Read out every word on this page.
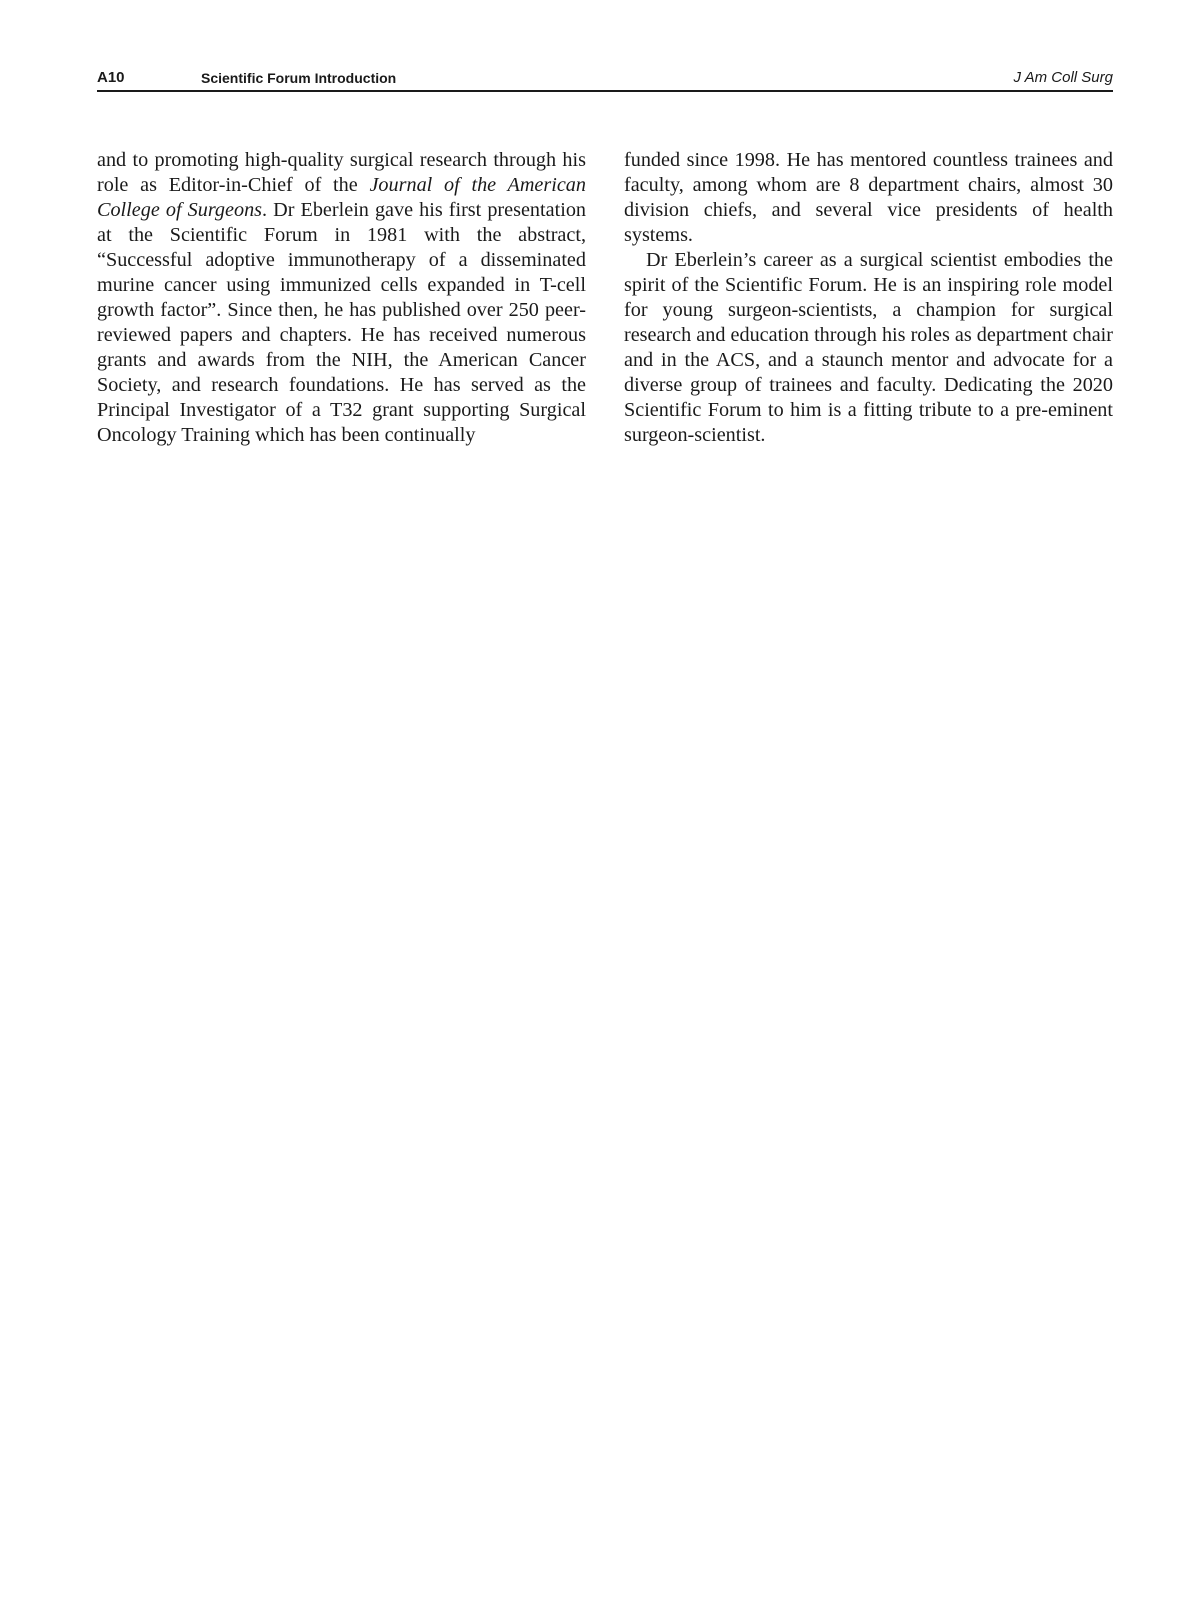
A10	Scientific Forum Introduction	J Am Coll Surg

and to promoting high-quality surgical research through his role as Editor-in-Chief of the Journal of the American College of Surgeons. Dr Eberlein gave his first presentation at the Scientific Forum in 1981 with the abstract, “Successful adoptive immunotherapy of a disseminated murine cancer using immunized cells expanded in T-cell growth factor”. Since then, he has published over 250 peer-reviewed papers and chapters. He has received numerous grants and awards from the NIH, the American Cancer Society, and research foundations. He has served as the Principal Investigator of a T32 grant supporting Surgical Oncology Training which has been continually

funded since 1998. He has mentored countless trainees and faculty, among whom are 8 department chairs, almost 30 division chiefs, and several vice presidents of health systems.

Dr Eberlein’s career as a surgical scientist embodies the spirit of the Scientific Forum. He is an inspiring role model for young surgeon-scientists, a champion for surgical research and education through his roles as department chair and in the ACS, and a staunch mentor and advocate for a diverse group of trainees and faculty. Dedicating the 2020 Scientific Forum to him is a fitting tribute to a pre-eminent surgeon-scientist.
